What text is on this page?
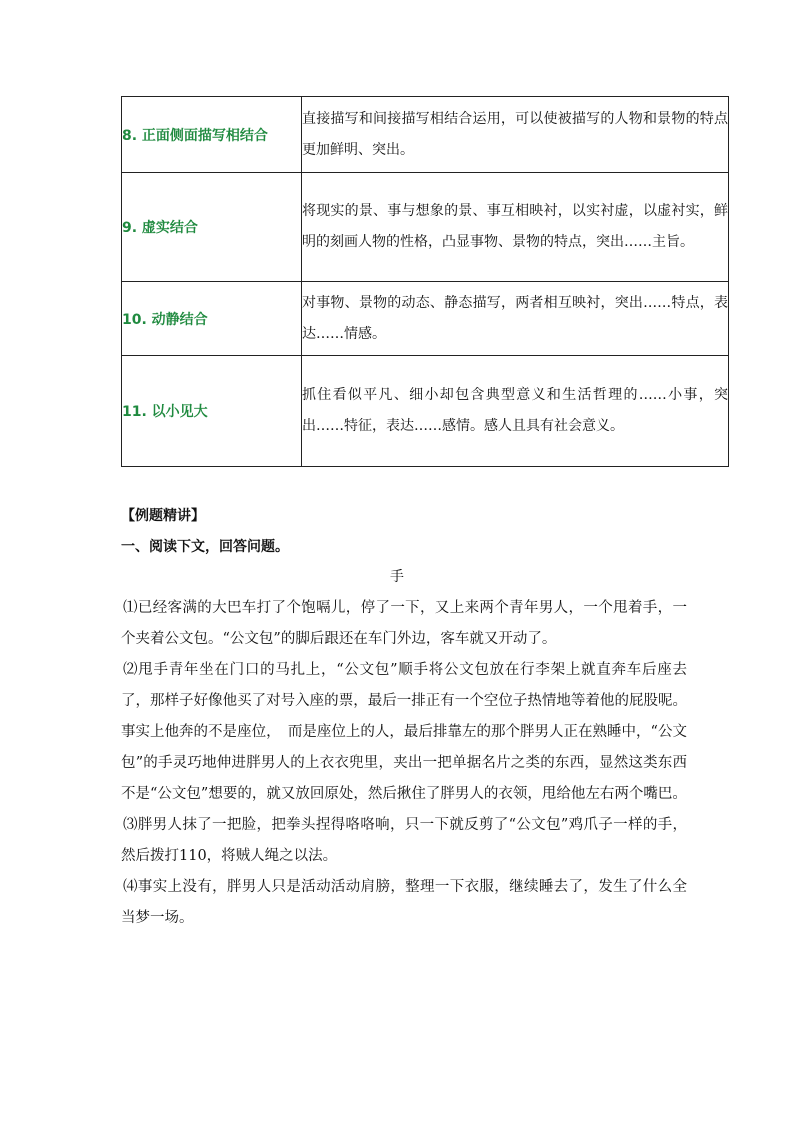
8. 正面侧面描写相结合	直接描写和间接描写相结合运用，可以使被描写的人物和景物的特点更加鲜明、突出。
9. 虚实结合	将现实的景、事与想象的景、事互相映衬，以实衬虚，以虚衬实，鲜明的刻画人物的性格，凸显事物、景物的特点，突出……主旨。
10. 动静结合	对事物、景物的动态、静态描写，两者相互映衬，突出……特点，表达……情感。
11. 以小见大	抓住看似平凡、细小却包含典型意义和生活哲理的……小事，突出……特征，表达……感情。感人且具有社会意义。
【例题精讲】
一、阅读下文，回答问题。
手

⑴已经客满的大巴车打了个饱嗝儿，停了一下，又上来两个青年男人，一个甩着手，一个夹着公文包。“公文包”的脚后跟还在车门外边，客车就又开动了。

⑵甩手青年坐在门口的马扎上，“公文包”顺手将公文包放在行李架上就直奔车后座去了，那样子好像他买了对号入座的票，最后一排正有一个空位子热情地等着他的屁股呢。事实上他奔的不是座位，　而是座位上的人，最后排靠左的那个胖男人正在熟睡中，“公文包”的手灵巧地伸进胖男人的上衣衣兜里，夹出一把单据名片之类的东西，显然这类东西不是“公文包”想要的，就又放回原处，然后揪住了胖男人的衣领，甩给他左右两个嘴巴。

⑶胖男人抹了一把脸，把拳头捏得咯咯响，只一下就反剪了“公文包”鸡爪子一样的手，然后拨打110，将贼人绳之以法。

⑷事实上没有，胖男人只是活动活动肩膀，整理一下衣服，继续睡去了，发生了什么全当梦一场。
